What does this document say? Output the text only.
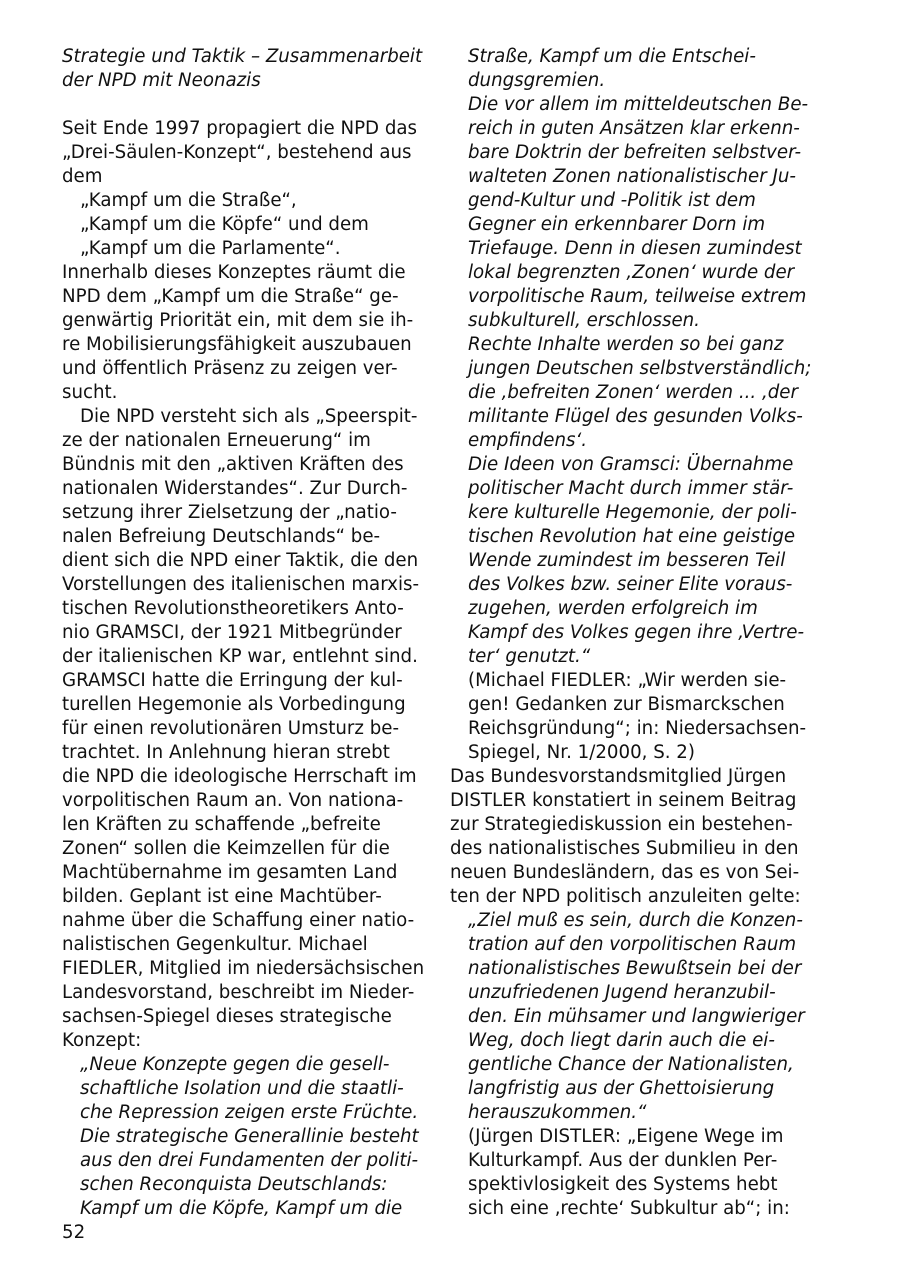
Strategie und Taktik – Zusammenarbeit
der NPD mit Neonazis
Seit Ende 1997 propagiert die NPD das
„Drei-Säulen-Konzept“, bestehend aus
dem
„Kampf um die Straße“,
„Kampf um die Köpfe“ und dem
„Kampf um die Parlamente“.
Innerhalb dieses Konzeptes räumt die
NPD dem „Kampf um die Straße“ ge-
genwärtig Priorität ein, mit dem sie ih-
re Mobilisierungsfähigkeit auszubauen
und öffentlich Präsenz zu zeigen ver-
sucht.
Die NPD versteht sich als „Speerspit-
ze der nationalen Erneuerung“ im
Bündnis mit den „aktiven Kräften des
nationalen Widerstandes“. Zur Durch-
setzung ihrer Zielsetzung der „natio-
nalen Befreiung Deutschlands“ be-
dient sich die NPD einer Taktik, die den
Vorstellungen des italienischen marxis-
tischen Revolutionstheoretikers Anto-
nio GRAMSCI, der 1921 Mitbegründer
der italienischen KP war, entlehnt sind.
GRAMSCI hatte die Erringung der kul-
turellen Hegemonie als Vorbedingung
für einen revolutionären Umsturz be-
trachtet. In Anlehnung hieran strebt
die NPD die ideologische Herrschaft im
vorpolitischen Raum an. Von nationa-
len Kräften zu schaffende „befreite
Zonen“ sollen die Keimzellen für die
Machtübernahme im gesamten Land
bilden. Geplant ist eine Machtüber-
nahme über die Schaffung einer natio-
nalistischen Gegenkultur. Michael
FIEDLER, Mitglied im niedersächsischen
Landesvorstand, beschreibt im Nieder-
sachsen-Spiegel dieses strategische
Konzept:
„Neue Konzepte gegen die gesell-
schaftliche Isolation und die staatli-
che Repression zeigen erste Früchte.
Die strategische Generallinie besteht
aus den drei Fundamenten der politi-
schen Reconquista Deutschlands:
Kampf um die Köpfe, Kampf um die
Straße, Kampf um die Entschei-
dungsgremien.
Die vor allem im mitteldeutschen Be-
reich in guten Ansätzen klar erkenn-
bare Doktrin der befreiten selbstver-
walteten Zonen nationalistischer Ju-
gend-Kultur und -Politik ist dem
Gegner ein erkennbarer Dorn im
Triefauge. Denn in diesen zumindest
lokal begrenzten ‚Zonen‘ wurde der
vorpolitische Raum, teilweise extrem
subkulturell, erschlossen.
Rechte Inhalte werden so bei ganz
jungen Deutschen selbstverständlich;
die ‚befreiten Zonen‘ werden ... ‚der
militante Flügel des gesunden Volks-
empfindens‘.
Die Ideen von Gramsci: Übernahme
politischer Macht durch immer stär-
kere kulturelle Hegemonie, der poli-
tischen Revolution hat eine geistige
Wende zumindest im besseren Teil
des Volkes bzw. seiner Elite voraus-
zugehen, werden erfolgreich im
Kampf des Volkes gegen ihre ‚Vertre-
ter‘ genutzt.“
(Michael FIEDLER: „Wir werden sie-
gen! Gedanken zur Bismarckschen
Reichsgründung“; in: Niedersachsen-
Spiegel, Nr. 1/2000, S. 2)
Das Bundesvorstandsmitglied Jürgen
DISTLER konstatiert in seinem Beitrag
zur Strategiediskussion ein bestehen-
des nationalistisches Submilieu in den
neuen Bundesländern, das es von Sei-
ten der NPD politisch anzuleiten gelte:
„Ziel muß es sein, durch die Konzen-
tration auf den vorpolitischen Raum
nationalistisches Bewußtsein bei der
unzufriedenen Jugend heranzubil-
den. Ein mühsamer und langwieriger
Weg, doch liegt darin auch die ei-
gentliche Chance der Nationalisten,
langfristig aus der Ghettoisierung
herauszukommen.“
(Jürgen DISTLER: „Eigene Wege im
Kulturkampf. Aus der dunklen Per-
spektivlosigkeit des Systems hebt
sich eine ‚rechte‘ Subkultur ab“; in:
52
